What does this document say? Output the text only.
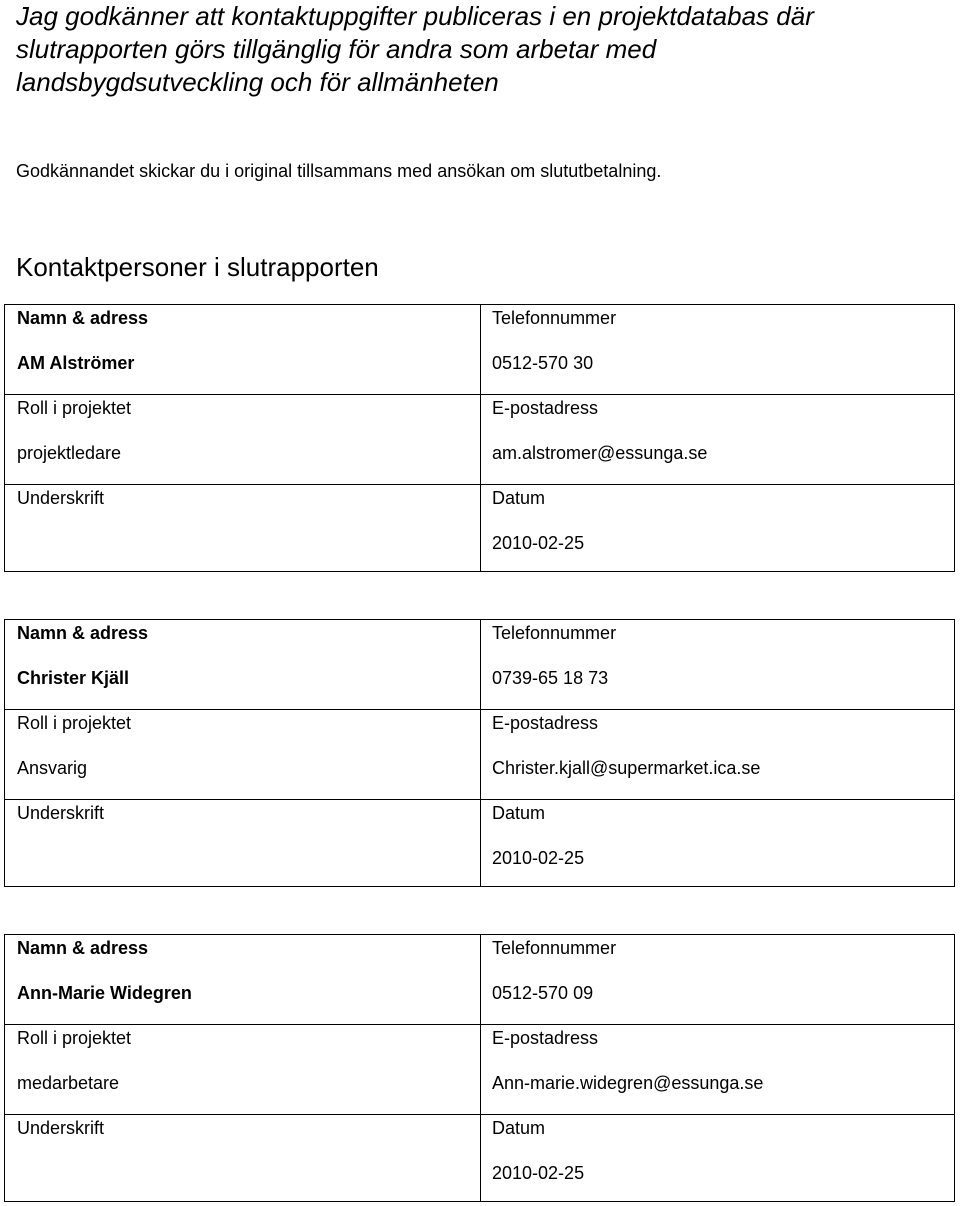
Jag godkänner att kontaktuppgifter publiceras i en projektdatabas där
slutrapporten görs tillgänglig för andra som arbetar med
landsbygdsutveckling och för allmänheten

Godkännandet skickar du i original tillsammans med ansökan om slututbetalning.

Kontaktpersoner i slutrapporten
Namn & adress
AM Alströmer
Roll i projektet
projektledare
Underskrift
Telefonnummer
0512-570 30
E-postadress
am.alstromer@essunga.se
Datum
2010-02-25
Namn & adress
Christer Kjäll
Roll i projektet
Ansvarig
Underskrift
Telefonnummer
0739-65 18 73
E-postadress
Christer.kjall@supermarket.ica.se
Datum
2010-02-25
Namn & adress
Ann-Marie Widegren
Roll i projektet
medarbetare
Underskrift
Telefonnummer
0512-570 09
E-postadress
Ann-marie.widegren@essunga.se
Datum
2010-02-25
